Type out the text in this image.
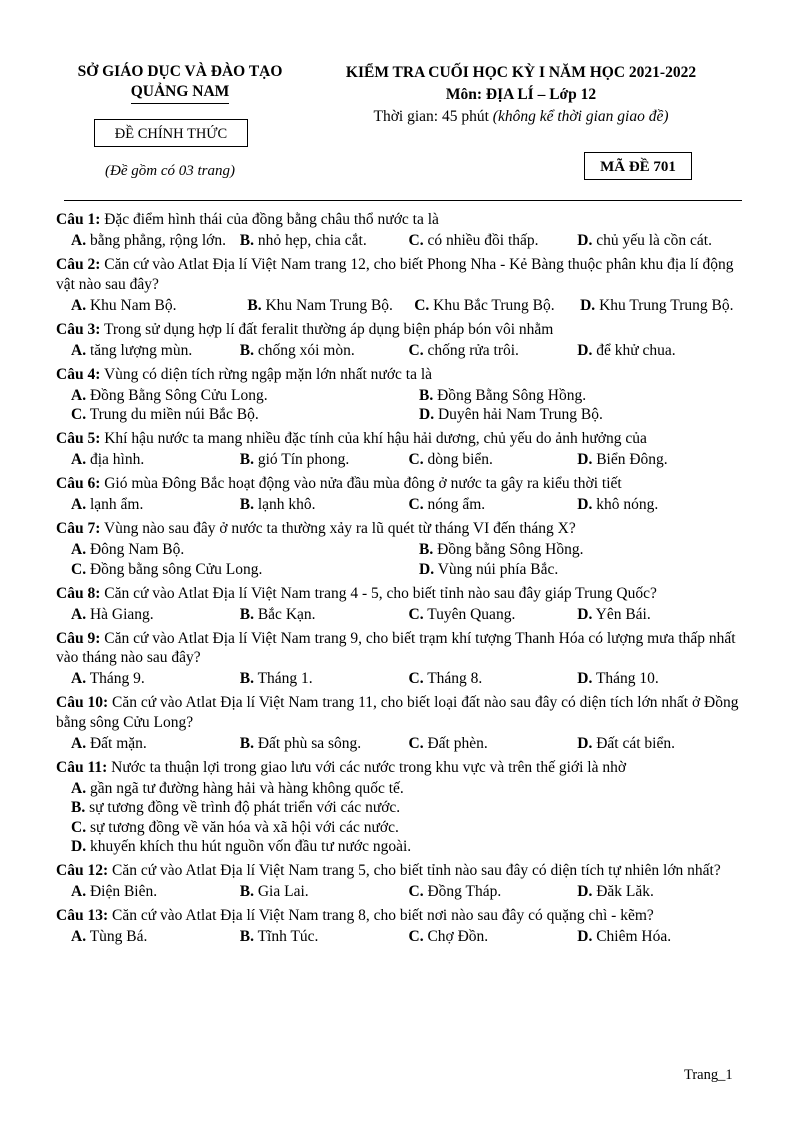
SỞ GIÁO DỤC VÀ ĐÀO TẠO
QUẢNG NAM
ĐỀ CHÍNH THỨC
(Đề gồm có 03 trang)
KIỂM TRA CUỐI HỌC KỲ I NĂM HỌC 2021-2022
Môn: ĐỊA LÍ – Lớp 12
Thời gian: 45 phút (không kể thời gian giao đề)
MÃ ĐỀ 701
Câu 1: Đặc điểm hình thái của đồng bằng châu thổ nước ta là
A. bằng phẳng, rộng lớn. B. nhỏ hẹp, chia cắt.	C. có nhiều đồi thấp.	D. chủ yếu là cồn cát.
Câu 2: Căn cứ vào Atlat Địa lí Việt Nam trang 12, cho biết Phong Nha - Kẻ Bàng thuộc phân khu địa lí động vật nào sau đây?
A. Khu Nam Bộ.	B. Khu Nam Trung Bộ.	C. Khu Bắc Trung Bộ.	D. Khu Trung Trung Bộ.
Câu 3: Trong sử dụng hợp lí đất feralit thường áp dụng biện pháp bón vôi nhằm
A. tăng lượng mùn.	B. chống xói mòn.	C. chống rửa trôi.	D. để khử chua.
Câu 4: Vùng có diện tích rừng ngập mặn lớn nhất nước ta là
A. Đồng Bằng Sông Cửu Long.	B. Đồng Bằng Sông Hồng.
C. Trung du miền núi Bắc Bộ.	D. Duyên hải Nam Trung Bộ.
Câu 5: Khí hậu nước ta mang nhiều đặc tính của khí hậu hải dương, chủ yếu do ảnh hưởng của
A. địa hình.	B. gió Tín phong.	C. dòng biển.	D. Biển Đông.
Câu 6: Gió mùa Đông Bắc hoạt động vào nửa đầu mùa đông ở nước ta gây ra kiểu thời tiết
A. lạnh ẩm.	B. lạnh khô.	C. nóng ẩm.	D. khô nóng.
Câu 7: Vùng nào sau đây ở nước ta thường xảy ra lũ quét từ tháng VI đến tháng X?
A. Đông Nam Bộ.	B. Đồng bằng Sông Hồng.
C. Đồng bằng sông Cửu Long.	D. Vùng núi phía Bắc.
Câu 8: Căn cứ vào Atlat Địa lí Việt Nam trang 4 - 5, cho biết tỉnh nào sau đây giáp Trung Quốc?
A. Hà Giang.	B. Bắc Kạn.	C. Tuyên Quang.	D. Yên Bái.
Câu 9: Căn cứ vào Atlat Địa lí Việt Nam trang 9, cho biết trạm khí tượng Thanh Hóa có lượng mưa thấp nhất vào tháng nào sau đây?
A. Tháng 9.	B. Tháng 1.	C. Tháng 8.	D. Tháng 10.
Câu 10: Căn cứ vào Atlat Địa lí Việt Nam trang 11, cho biết loại đất nào sau đây có diện tích lớn nhất ở Đồng bằng sông Cửu Long?
A. Đất mặn.	B. Đất phù sa sông.	C. Đất phèn.	D. Đất cát biển.
Câu 11: Nước ta thuận lợi trong giao lưu với các nước trong khu vực và trên thế giới là nhờ
A. gần ngã tư đường hàng hải và hàng không quốc tế.
B. sự tương đồng về trình độ phát triển với các nước.
C. sự tương đồng về văn hóa và xã hội với các nước.
D. khuyến khích thu hút nguồn vốn đầu tư nước ngoài.
Câu 12: Căn cứ vào Atlat Địa lí Việt Nam trang 5, cho biết tỉnh nào sau đây có diện tích tự nhiên lớn nhất?
A. Điện Biên.	B. Gia Lai.	C. Đồng Tháp.	D. Đăk Lăk.
Câu 13: Căn cứ vào Atlat Địa lí Việt Nam trang 8, cho biết nơi nào sau đây có quặng chì - kẽm?
A. Tùng Bá.	B. Tĩnh Túc.	C. Chợ Đồn.	D. Chiêm Hóa.
Trang_1
